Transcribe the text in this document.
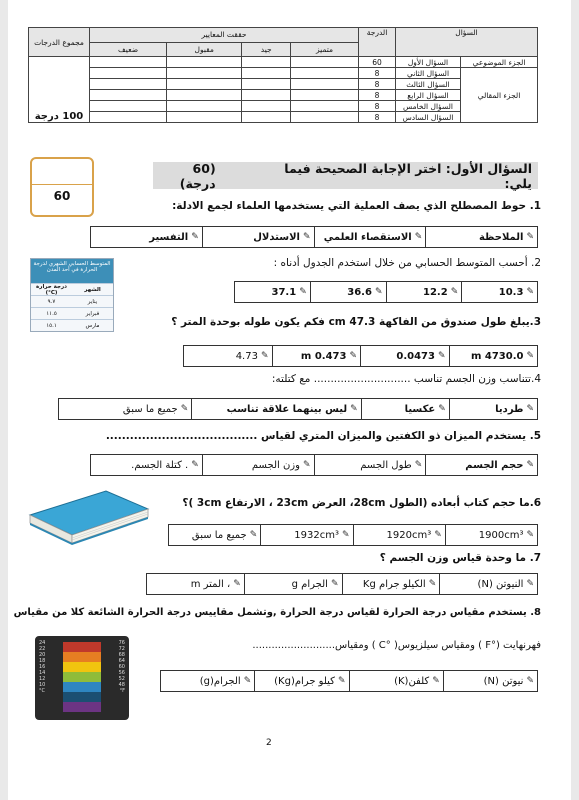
السؤال		الدرجة	حققت المعايير				مجموع الدرجات
			متميز	جيد	مقبول	ضعيف	
الجزء الموضوعي	السؤال الأول	60					100 درجة
الجزء المقالي	السؤال الثاني	8					
	السؤال الثالث	8					
	السؤال الرابع	8					
	السؤال الخامس	8					
	السؤال السادس	8					
السؤال الأول: اختر الإجابة الصحيحة فيما يلي:
(60 درجة)
60
1. حوط المصطلح الذي يصف العملية التي يستخدمها العلماء لجمع الادلة:
✎
الملاحظة
✎
الاستقصاء العلمي
✎
الاستدلال
✎
التفسير
2. أحسب المتوسط الحسابي من خلال استخدم الجدول أدناه :
المتوسط الحسابي الشهري لدرجة الحرارة في أحد المدن
الشهر
درجة حرارة (C°)
يناير
٩.٧
فبراير
١١.٥
مارس
١٥.١
✎
10.3
✎
12.2
✎
36.6
✎
37.1
3.يبلغ طول صندوق من الفاكهة 47.3 cm فكم يكون طوله بوحدة المتر ؟
✎
4730.0 m
✎
0.0473
✎
0.473 m
✎
4.73
4.تتناسب وزن الجسم تناسب ............................. مع كتلته:
✎
طرديا
✎
عكسيا
✎
ليس بينهما علاقة تناسب
✎
جميع ما سبق
5. يستخدم الميزان ذو الكفتين والميزان المتري لقياس ......................................
✎
حجم الجسم
✎
طول الجسم
✎
وزن الجسم
✎
. كتلة الجسم.
6.ما حجم كتاب أبعاده (الطول 28cm، العرض 23cm ، الارتفاع 3cm )؟
✎
1900cm³
✎
1920cm³
✎
1932cm³
✎
جميع ما سبق
7. ما وحدة قياس وزن الجسم ؟
✎
النيوتن (N)
✎
الكيلو جرام Kg
✎
الجرام g
✎
، المتر m
8. يستخدم مقياس درجة الحرارة لقياس درجة الحرارة ,وتشمل مقاييس درجة الحرارة الشائعة كلا من مقياس
فهرنهايت (°F ) ومقياس سيلزيوس( °C ) ومقياس..........................
✎
نيوتن (N)
✎
كلفن(K)
✎
كيلو جرام(Kg)
✎
الجرام(g)
24
22
20
18
16
14
12
10
°C
76
72
68
64
60
56
52
48
°F
2
